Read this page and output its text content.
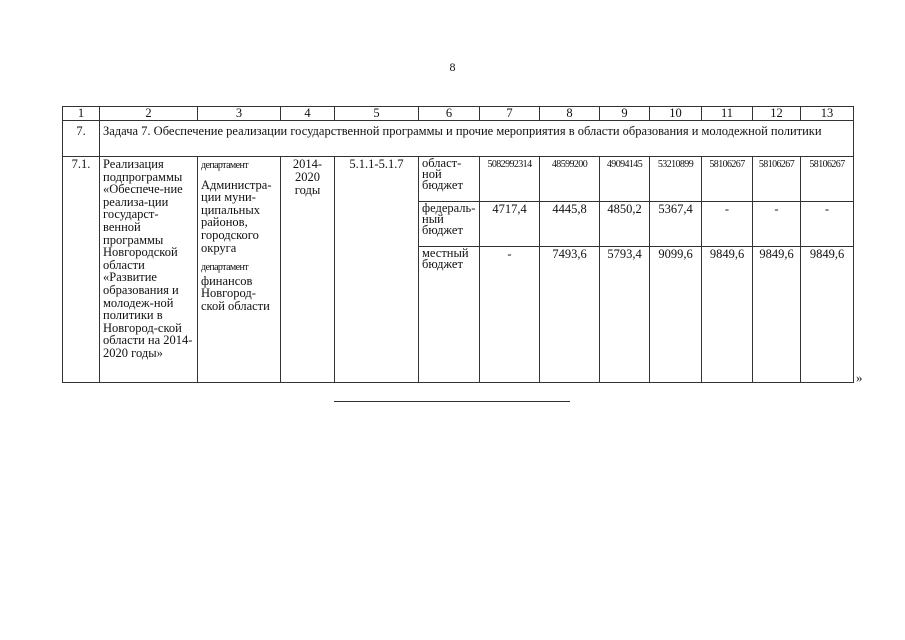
8
1	2	3	4	5	6	7	8	9	10	11	12	13
7.	Задача 7. Обеспечение реализации государственной программы и прочие мероприятия в области образования и молодежной политики											
7.1.	Реализация подпрограммы «Обеспече-ние реализа-ции государст-венной программы Новгородской области «Развитие образования и молодеж-ной политики в Новгород-ской области на 2014-2020 годы»	департамент
Администра-ции муни-ципальных районов, городского округа
департамент финансов Новгород-ской области	2014-2020 годы	5.1.1-5.1.7	област-ной бюджет	5082992314	48599200	49094145	53210899	58106267	58106267	58106267
					федераль-ный бюджет	4717,4	4445,8	4850,2	5367,4	-	-	-
					местный бюджет	-	7493,6	5793,4	9099,6	9849,6	9849,6	9849,6
»
